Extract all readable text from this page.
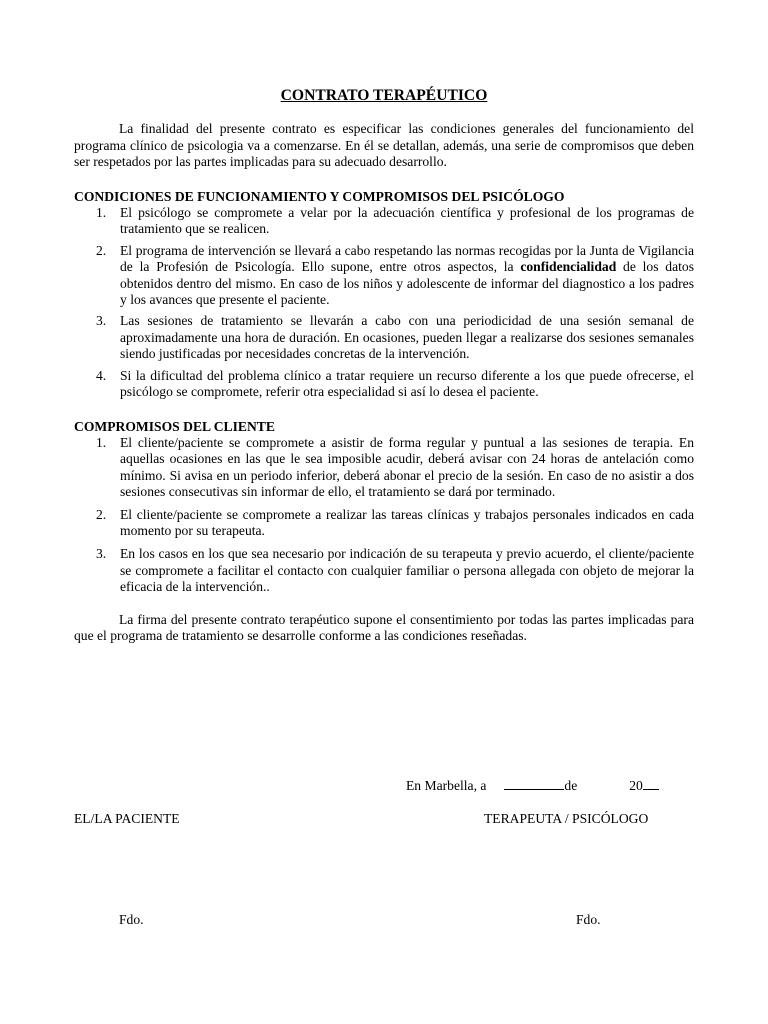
CONTRATO TERAPÉUTICO

La finalidad del presente contrato es especificar las condiciones generales del funcionamiento del programa clínico de psicologia va a comenzarse. En él se detallan, además, una serie de compromisos que deben ser respetados por las partes implicadas para su adecuado desarrollo.

CONDICIONES DE FUNCIONAMIENTO Y COMPROMISOS DEL PSICÓLOGO
1. El psicólogo se compromete a velar por la adecuación científica y profesional de los programas de tratamiento que se realicen.
2. El programa de intervención se llevará a cabo respetando las normas recogidas por la Junta de Vigilancia de la Profesión de Psicología. Ello supone, entre otros aspectos, la confidencialidad de los datos obtenidos dentro del mismo. En caso de los niños y adolescente de informar del diagnostico a los padres y los avances que presente el paciente.
3. Las sesiones de tratamiento se llevarán a cabo con una periodicidad de una sesión semanal de aproximadamente una hora de duración. En ocasiones, pueden llegar a realizarse dos sesiones semanales siendo justificadas por necesidades concretas de la intervención.
4. Si la dificultad del problema clínico a tratar requiere un recurso diferente a los que puede ofrecerse, el psicólogo se compromete, referir otra especialidad si así lo desea el paciente.
COMPROMISOS DEL CLIENTE
1. El cliente/paciente se compromete a asistir de forma regular y puntual a las sesiones de terapia. En aquellas ocasiones en las que le sea imposible acudir, deberá avisar con 24 horas de antelación como mínimo. Si avisa en un periodo inferior, deberá abonar el precio de la sesión. En caso de no asistir a dos sesiones consecutivas sin informar de ello, el tratamiento se dará por terminado.
2. El cliente/paciente se compromete a realizar las tareas clínicas y trabajos personales indicados en cada momento por su terapeuta.
3. En los casos en los que sea necesario por indicación de su terapeuta y previo acuerdo, el cliente/paciente se compromete a facilitar el contacto con cualquier familiar o persona allegada con objeto de mejorar la eficacia de la intervención..

La firma del presente contrato terapéutico supone el consentimiento por todas las partes implicadas para que el programa de tratamiento se desarrolle conforme a las condiciones reseñadas.

En Marbella, a	de	20
EL/LA PACIENTE	TERAPEUTA / PSICÓLOGO
Fdo.	Fdo.
